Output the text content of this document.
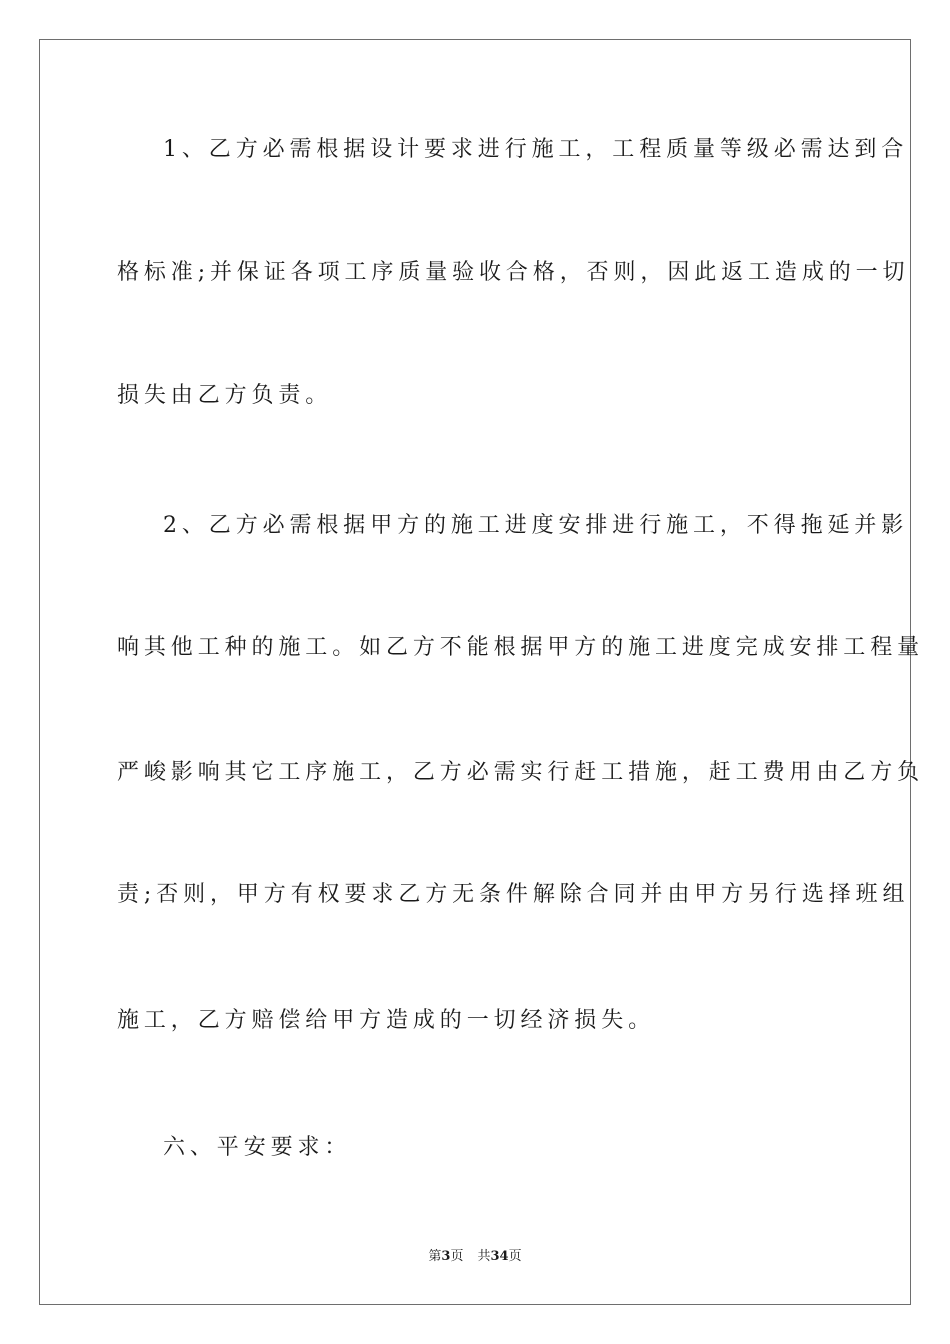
1、乙方必需根据设计要求进行施工，工程质量等级必需达到合
格标准;并保证各项工序质量验收合格，否则，因此返工造成的一切
损失由乙方负责。
2、乙方必需根据甲方的施工进度安排进行施工，不得拖延并影
响其他工种的施工。如乙方不能根据甲方的施工进度完成安排工程量
严峻影响其它工序施工，乙方必需实行赶工措施，赶工费用由乙方负
责;否则，甲方有权要求乙方无条件解除合同并由甲方另行选择班组
施工，乙方赔偿给甲方造成的一切经济损失。
六、平安要求：
第3页 共34页
